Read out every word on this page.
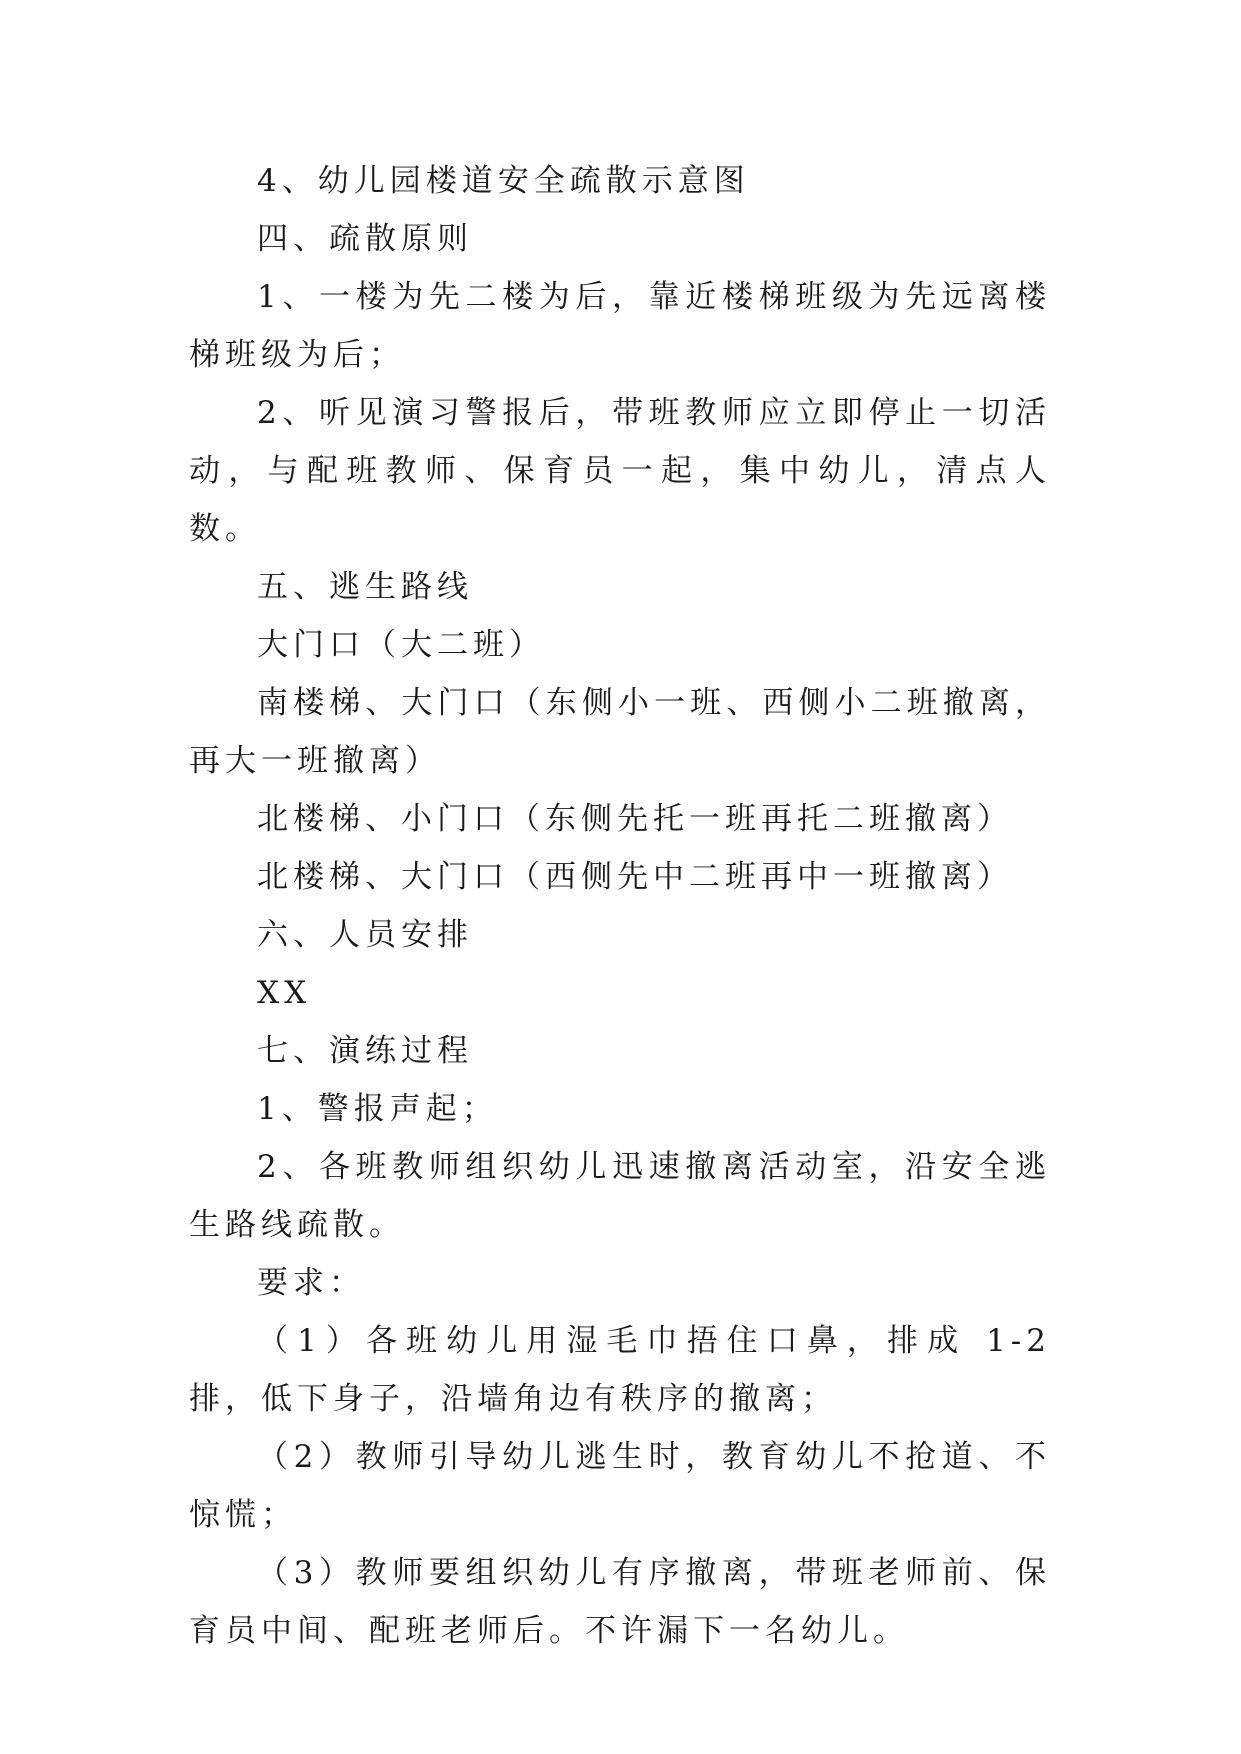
4、幼儿园楼道安全疏散示意图

四、疏散原则

1、一楼为先二楼为后，靠近楼梯班级为先远离楼梯班级为后；

2、听见演习警报后，带班教师应立即停止一切活动，与配班教师、保育员一起，集中幼儿，清点人数。

五、逃生路线

大门口（大二班）

南楼梯、大门口（东侧小一班、西侧小二班撤离，再大一班撤离）

北楼梯、小门口（东侧先托一班再托二班撤离）

北楼梯、大门口（西侧先中二班再中一班撤离）

六、人员安排

XX

七、演练过程

1、警报声起；

2、各班教师组织幼儿迅速撤离活动室，沿安全逃生路线疏散。

要求：

（1）各班幼儿用湿毛巾捂住口鼻，排成 1-2 排，低下身子，沿墙角边有秩序的撤离；

（2）教师引导幼儿逃生时，教育幼儿不抢道、不惊慌；

（3）教师要组织幼儿有序撤离，带班老师前、保育员中间、配班老师后。不许漏下一名幼儿。
